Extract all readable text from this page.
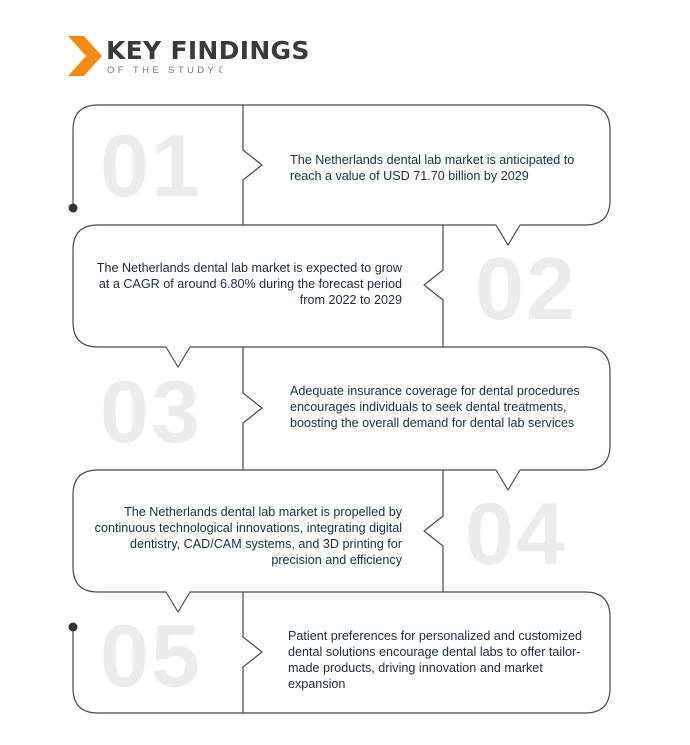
KEY FINDINGS
OF THE STUDY ☾
01
02
03
04
05
The Netherlands dental lab market is anticipated to reach a value of USD 71.70 billion by 2029
The Netherlands dental lab market is expected to grow at a CAGR of around 6.80% during the forecast period from 2022 to 2029
Adequate insurance coverage for dental procedures encourages individuals to seek dental treatments, boosting the overall demand for dental lab services
The Netherlands dental lab market is propelled by continuous technological innovations, integrating digital dentistry, CAD/CAM systems, and 3D printing for precision and efficiency
Patient preferences for personalized and customized dental solutions encourage dental labs to offer tailor-made products, driving innovation and market expansion
